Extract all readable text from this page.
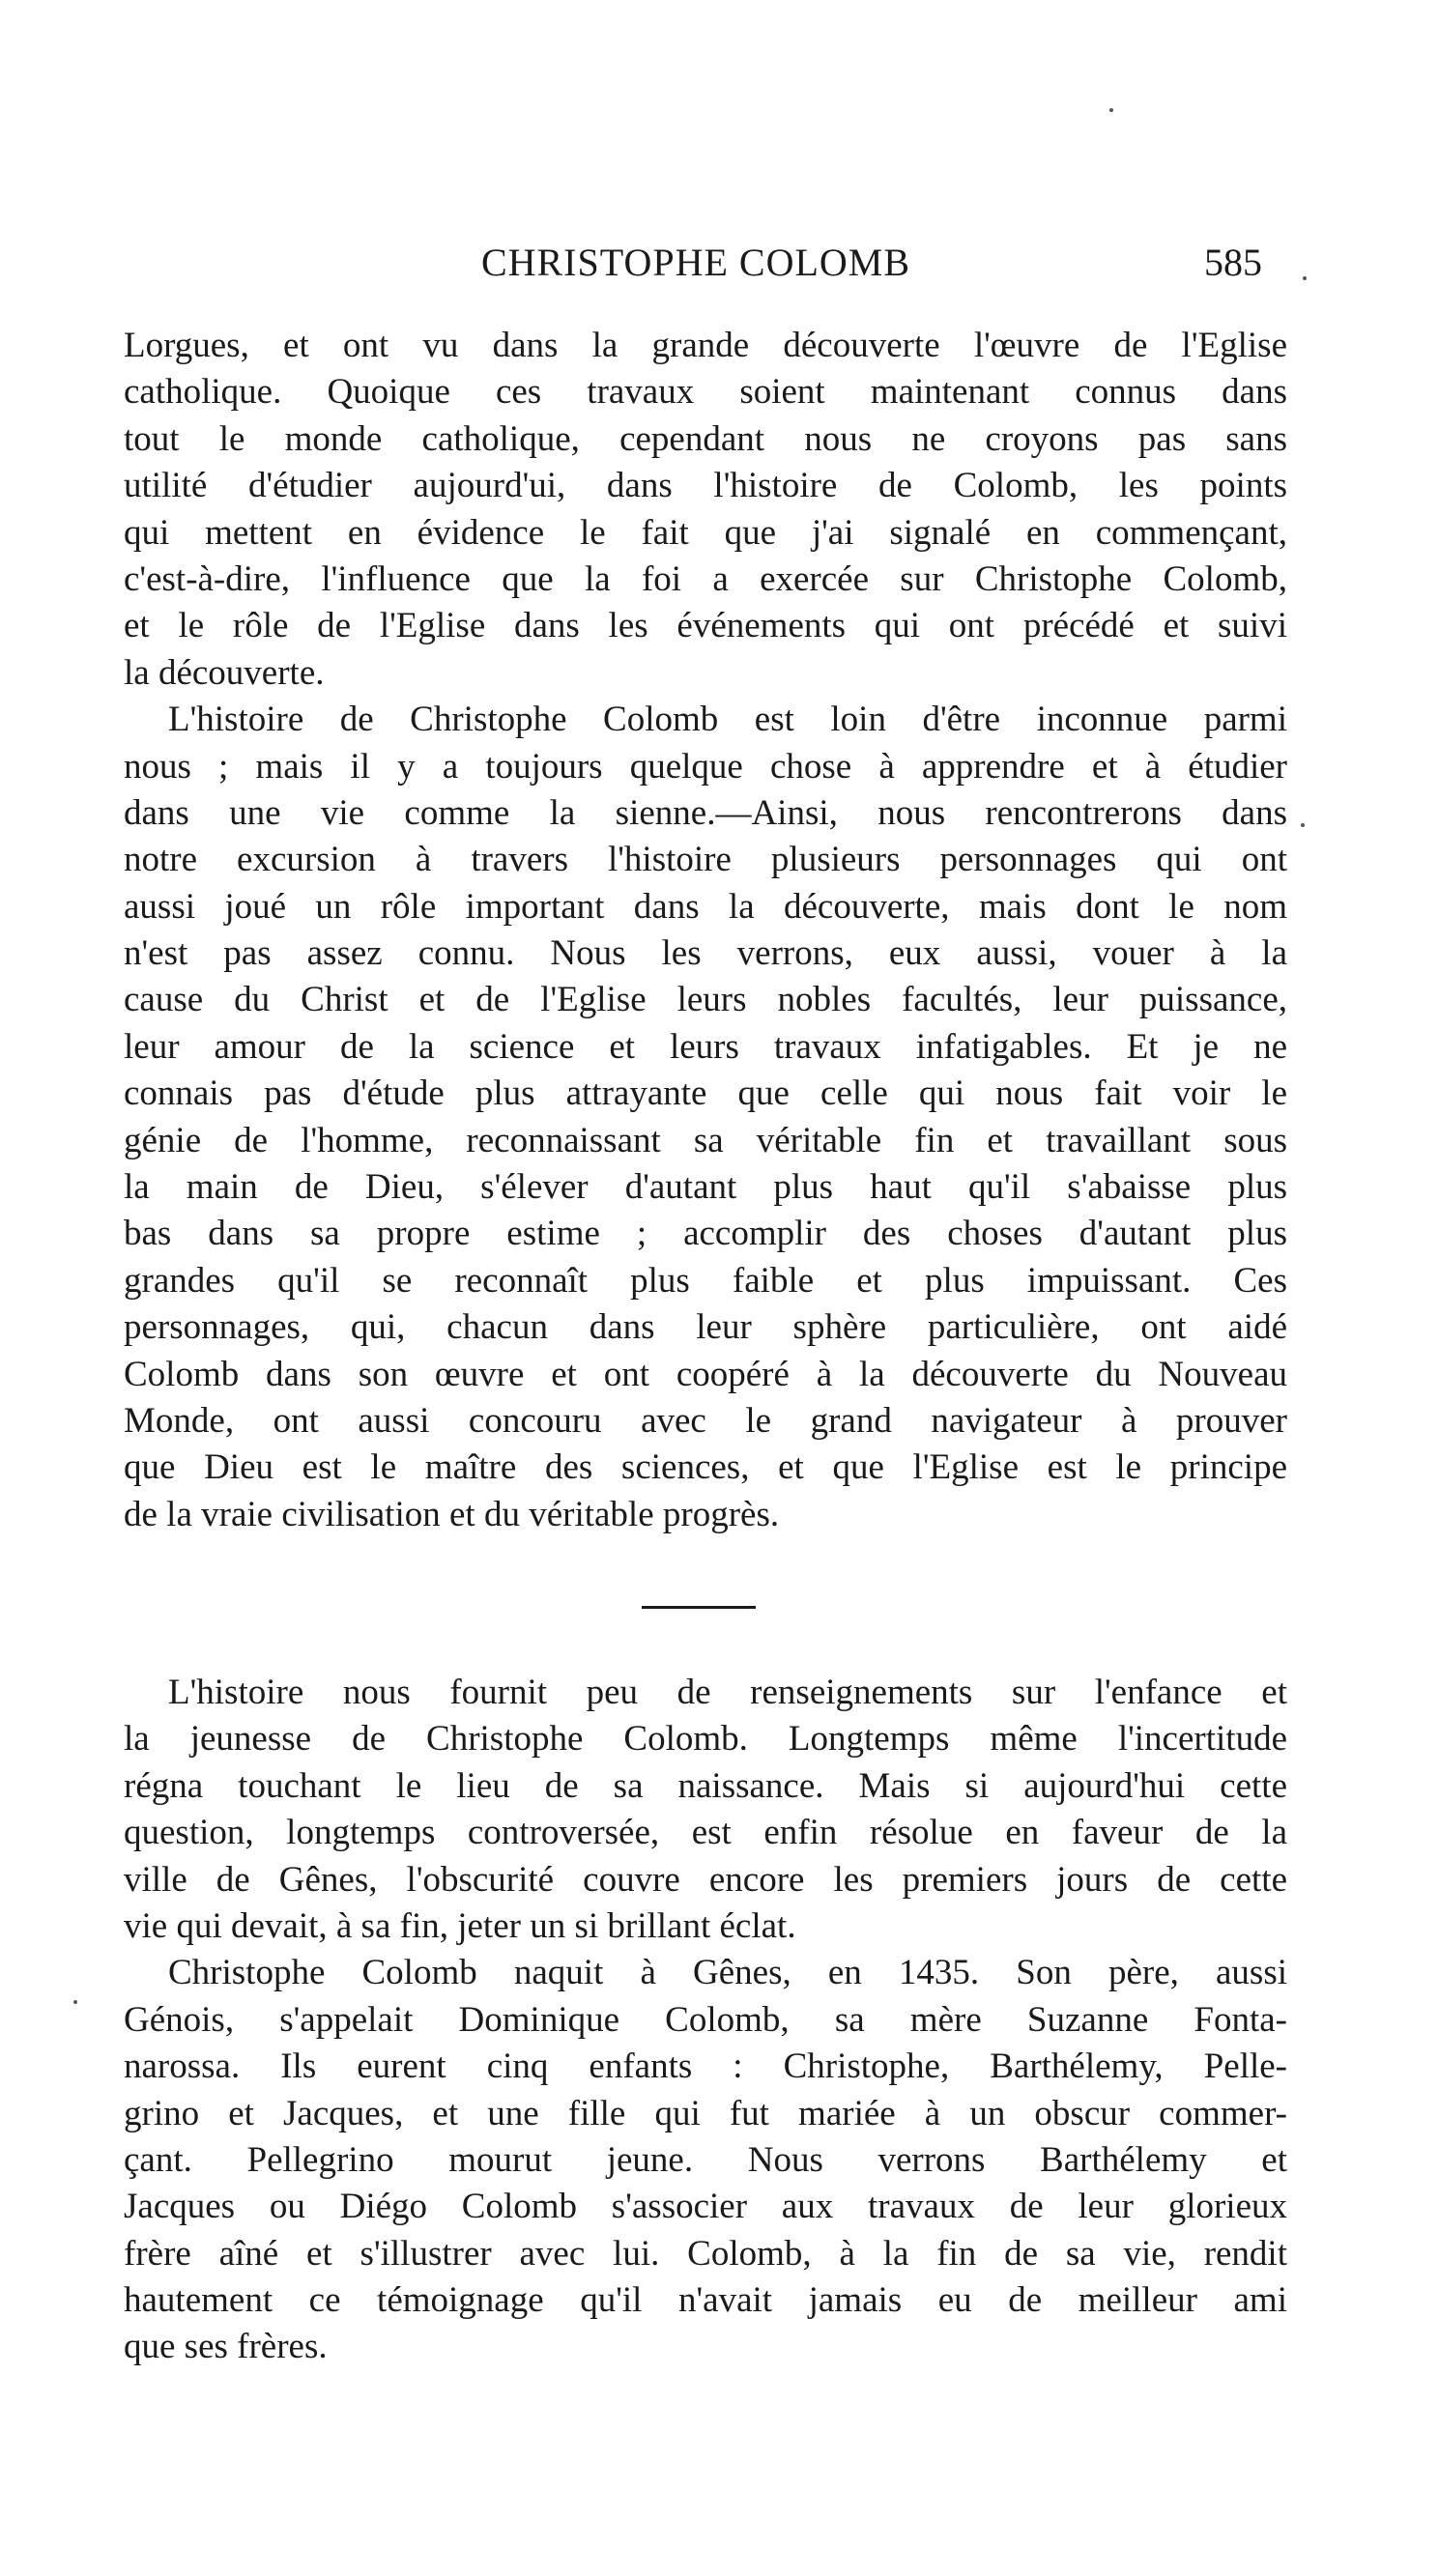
CHRISTOPHE COLOMB	585
Lorgues, et ont vu dans la grande découverte l'œuvre de l'Eglise
catholique. Quoique ces travaux soient maintenant connus dans
tout le monde catholique, cependant nous ne croyons pas sans
utilité d'étudier aujourd'ui, dans l'histoire de Colomb, les points
qui mettent en évidence le fait que j'ai signalé en commençant,
c'est-à-dire, l'influence que la foi a exercée sur Christophe Colomb,
et le rôle de l'Eglise dans les événements qui ont précédé et suivi
la découverte.
L'histoire de Christophe Colomb est loin d'être inconnue parmi
nous ; mais il y a toujours quelque chose à apprendre et à étudier
dans une vie comme la sienne.—Ainsi, nous rencontrerons dans
notre excursion à travers l'histoire plusieurs personnages qui ont
aussi joué un rôle important dans la découverte, mais dont le nom
n'est pas assez connu. Nous les verrons, eux aussi, vouer à la
cause du Christ et de l'Eglise leurs nobles facultés, leur puissance,
leur amour de la science et leurs travaux infatigables. Et je ne
connais pas d'étude plus attrayante que celle qui nous fait voir le
génie de l'homme, reconnaissant sa véritable fin et travaillant sous
la main de Dieu, s'élever d'autant plus haut qu'il s'abaisse plus
bas dans sa propre estime ; accomplir des choses d'autant plus
grandes qu'il se reconnaît plus faible et plus impuissant. Ces
personnages, qui, chacun dans leur sphère particulière, ont aidé
Colomb dans son œuvre et ont coopéré à la découverte du Nouveau
Monde, ont aussi concouru avec le grand navigateur à prouver
que Dieu est le maître des sciences, et que l'Eglise est le principe
de la vraie civilisation et du véritable progrès.
L'histoire nous fournit peu de renseignements sur l'enfance et
la jeunesse de Christophe Colomb. Longtemps même l'incertitude
régna touchant le lieu de sa naissance. Mais si aujourd'hui cette
question, longtemps controversée, est enfin résolue en faveur de la
ville de Gênes, l'obscurité couvre encore les premiers jours de cette
vie qui devait, à sa fin, jeter un si brillant éclat.
Christophe Colomb naquit à Gênes, en 1435. Son père, aussi
Génois, s'appelait Dominique Colomb, sa mère Suzanne Fonta-
narossa. Ils eurent cinq enfants : Christophe, Barthélemy, Pelle-
grino et Jacques, et une fille qui fut mariée à un obscur commer-
çant. Pellegrino mourut jeune. Nous verrons Barthélemy et
Jacques ou Diégo Colomb s'associer aux travaux de leur glorieux
frère aîné et s'illustrer avec lui. Colomb, à la fin de sa vie, rendit
hautement ce témoignage qu'il n'avait jamais eu de meilleur ami
que ses frères.
